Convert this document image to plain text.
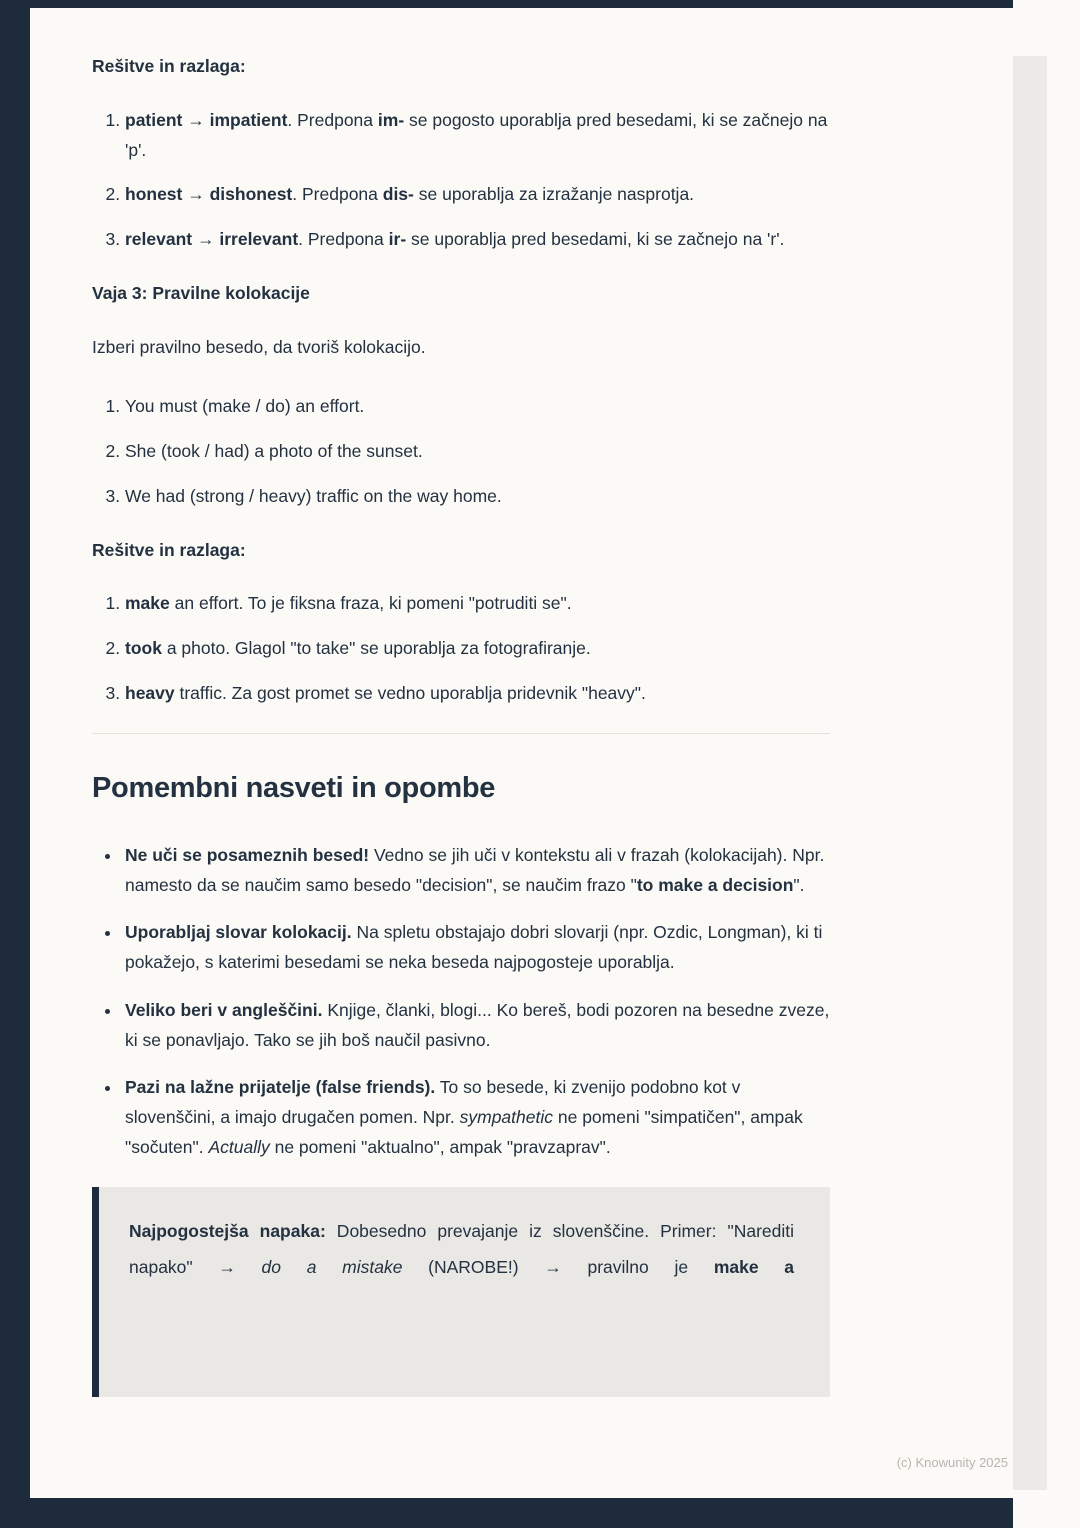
Rešitve in razlaga:
1. patient → impatient. Predpona im- se pogosto uporablja pred besedami, ki se začnejo na 'p'.
2. honest → dishonest. Predpona dis- se uporablja za izražanje nasprotja.
3. relevant → irrelevant. Predpona ir- se uporablja pred besedami, ki se začnejo na 'r'.
Vaja 3: Pravilne kolokacije

Izberi pravilno besedo, da tvoriš kolokacijo.

1. You must (make / do) an effort.
2. She (took / had) a photo of the sunset.
3. We had (strong / heavy) traffic on the way home.
Rešitve in razlaga:
1. make an effort. To je fiksna fraza, ki pomeni "potruditi se".
2. took a photo. Glagol "to take" se uporablja za fotografiranje.
3. heavy traffic. Za gost promet se vedno uporablja pridevnik "heavy".
Pomembni nasveti in opombe
• Ne uči se posameznih besed! Vedno se jih uči v kontekstu ali v frazah (kolokacijah). Npr. namesto da se naučim samo besedo "decision", se naučim frazo "to make a decision".
• Uporabljaj slovar kolokacij. Na spletu obstajajo dobri slovarji (npr. Ozdic, Longman), ki ti pokažejo, s katerimi besedami se neka beseda najpogosteje uporablja.
• Veliko beri v angleščini. Knjige, članki, blogi... Ko bereš, bodi pozoren na besedne zveze, ki se ponavljajo. Tako se jih boš naučil pasivno.
• Pazi na lažne prijatelje (false friends). To so besede, ki zvenijo podobno kot v slovenščini, a imajo drugačen pomen. Npr. sympathetic ne pomeni "simpatičen", ampak "sočuten". Actually ne pomeni "aktualno", ampak "pravzaprav".

Najpogostejša napaka: Dobesedno prevajanje iz slovenščine. Primer: "Narediti napako" → do a mistake (NAROBE!) → pravilno je make a

(c) Knowunity 2025
